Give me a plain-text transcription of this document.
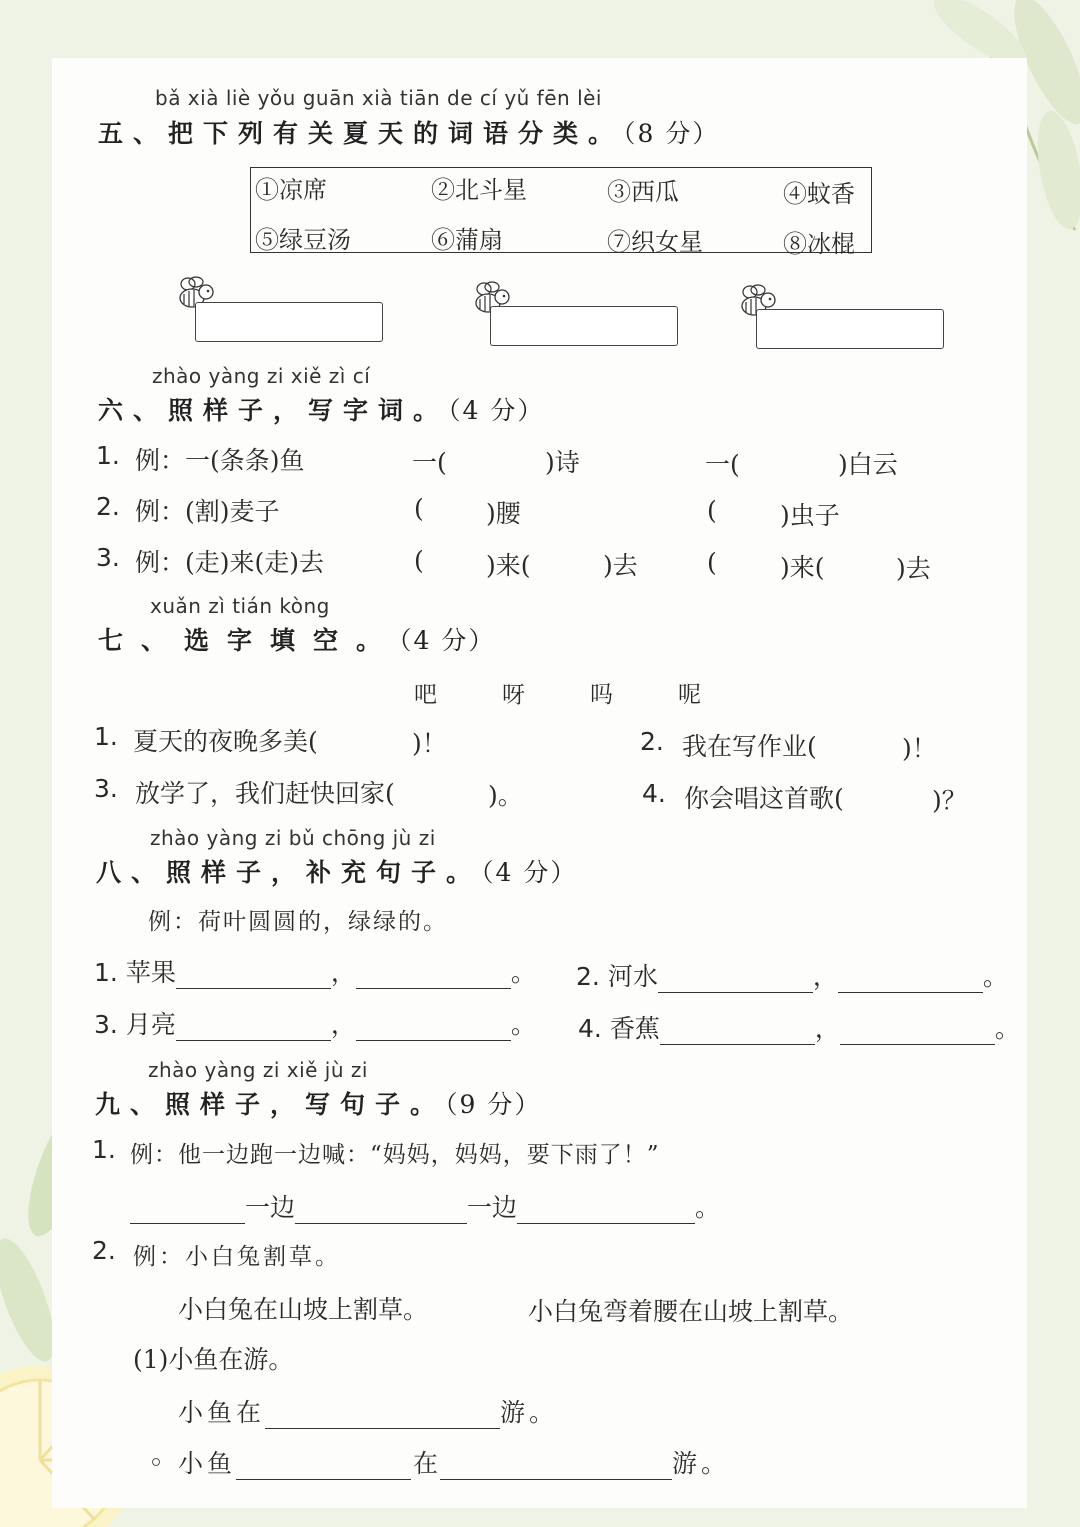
bǎ xià liè yǒu guān xià tiān de cí yǔ fēn lèi
五、把下列有关夏天的词语分类。（8 分）
①凉席	②北斗星	③西瓜	④蚊香
⑤绿豆汤	⑥蒲扇	⑦织女星	⑧冰棍
zhào yàng zi xiě zì cí
六、照样子，写字词。（4 分）
1. 例：一(条条)鱼	一(	)诗	一(	)白云
2. 例：(割)麦子	( )腰	(	)虫子
3. 例：(走)来(走)去	( )来(	)去	(	)来(	)去
xuǎn zì tián kòng
七、选字填空。（4 分）
吧	呀	吗	呢
1. 夏天的夜晚多美(	)！	2. 我在写作业(	)！
3. 放学了，我们赶快回家(	)。	4. 你会唱这首歌(	)？
zhào yàng zi bǔ chōng jù zi
八、照样子，补充句子。（4 分）
例：荷叶圆圆的，绿绿的。
1. 苹果	，	。 2. 河水	，	。
3. 月亮	，	。 4. 香蕉	，	。
zhào yàng zi xiě jù zi
九、照样子，写句子。（9 分）
1. 例：他一边跑一边喊：“妈妈，妈妈，要下雨了！”
一边	一边	。
2. 例：小白兔割草。
小白兔在山坡上割草。	小白兔弯着腰在山坡上割草。
(1)小鱼在游。
小鱼在	游。
小鱼	在	游。
